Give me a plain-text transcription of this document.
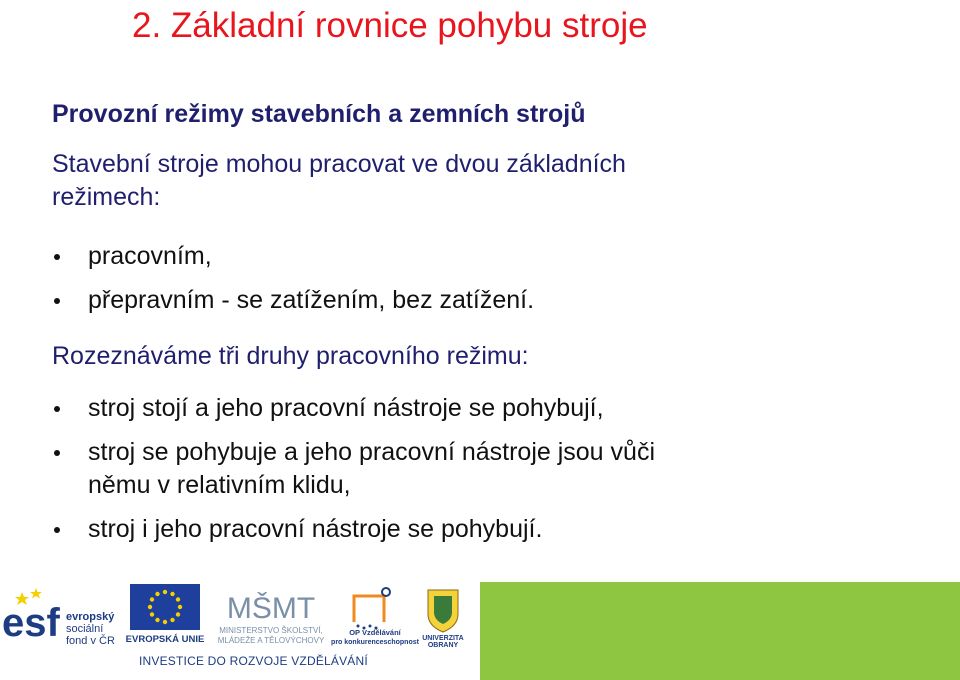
2. Základní rovnice pohybu stroje
Provozní režimy stavebních a zemních strojů

Stavební stroje mohou pracovat ve dvou základních
režimech:

pracovním,
přepravním - se zatížením, bez zatížení.

Rozeznáváme tři druhy pracovního režimu:

stroj stojí a jeho pracovní nástroje se pohybují,
stroj se pohybuje a jeho pracovní nástroje jsou vůči
němu v relativním klidu,
stroj i jeho pracovní nástroje se pohybují.
esf evropský
sociální
fond v ČR EVROPSKÁ UNIE
MŠMT
MINISTERSTVO ŠKOLSTVÍ,
MLÁDEŽE A TĚLOVÝCHOVY
OP Vzdělávání
pro konkurenceschopnost
UNIVERZITA
OBRANY
INVESTICE DO ROZVOJE VZDĚLÁVÁNÍ
